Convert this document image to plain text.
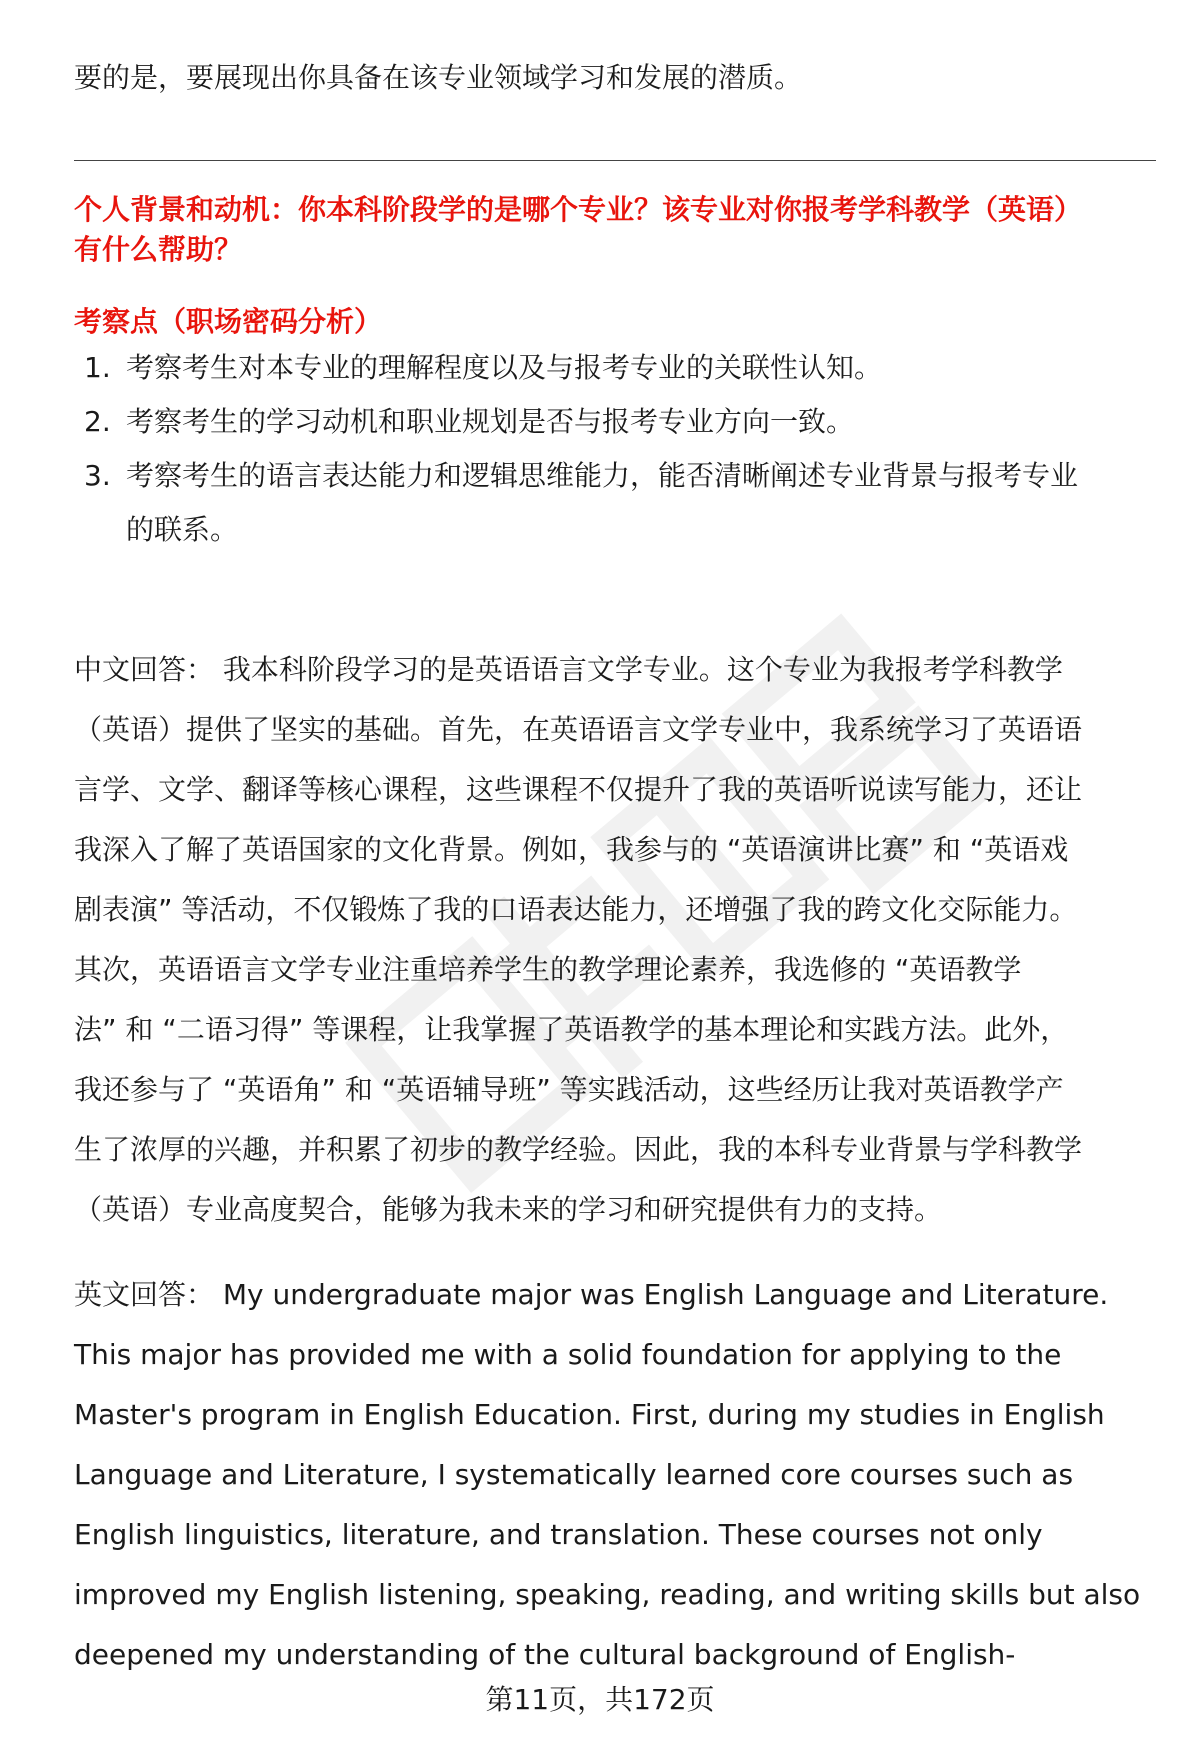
要的是，要展现出你具备在该专业领域学习和发展的潜质。
个人背景和动机：你本科阶段学的是哪个专业？该专业对你报考学科教学（英语）
有什么帮助？
考察点（职场密码分析）
1. 考察考生对本专业的理解程度以及与报考专业的关联性认知。
2. 考察考生的学习动机和职业规划是否与报考专业方向一致。
3. 考察考生的语言表达能力和逻辑思维能力，能否清晰阐述专业背景与报考专业
的联系。
中文回答： 我本科阶段学习的是英语语言文学专业。这个专业为我报考学科教学
（英语）提供了坚实的基础。首先，在英语语言文学专业中，我系统学习了英语语
言学、文学、翻译等核心课程，这些课程不仅提升了我的英语听说读写能力，还让
我深入了解了英语国家的文化背景。例如，我参与的 “英语演讲比赛” 和 “英语戏
剧表演” 等活动，不仅锻炼了我的口语表达能力，还增强了我的跨文化交际能力。
其次，英语语言文学专业注重培养学生的教学理论素养，我选修的 “英语教学
法” 和 “二语习得” 等课程，让我掌握了英语教学的基本理论和实践方法。此外，
我还参与了 “英语角” 和 “英语辅导班” 等实践活动，这些经历让我对英语教学产
生了浓厚的兴趣，并积累了初步的教学经验。因此，我的本科专业背景与学科教学
（英语）专业高度契合，能够为我未来的学习和研究提供有力的支持。
英文回答： My undergraduate major was English Language and Literature.
This major has provided me with a solid foundation for applying to the
Master's program in English Education. First, during my studies in English
Language and Literature, I systematically learned core courses such as
English linguistics, literature, and translation. These courses not only
improved my English listening, speaking, reading, and writing skills but also
deepened my understanding of the cultural background of English-
第11页，共172页
